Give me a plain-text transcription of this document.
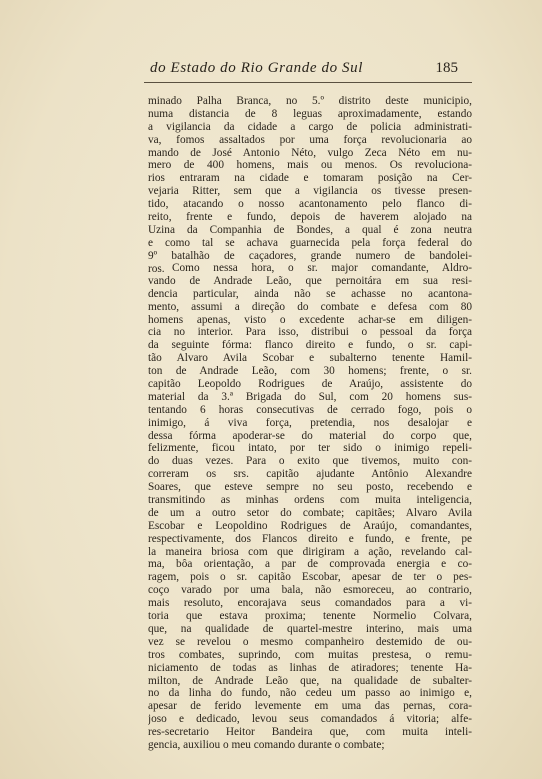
do Estado do Rio Grande do Sul	185
minado Palha Branca, no 5.º distrito deste municipio,
numa distancia de 8 leguas aproximadamente, estando
a vigilancia da cidade a cargo de policia administrati-
va, fomos assaltados por uma força revolucionaria ao
mando de José Antonio Néto, vulgo Zeca Néto em nu-
mero de 400 homens, mais ou menos. Os revoluciona-
rios entraram na cidade e tomaram posição na Cer-
vejaria Ritter, sem que a vigilancia os tivesse presen-
tido, atacando o nosso acantonamento pelo flanco di-
reito, frente e fundo, depois de haverem alojado na
Uzina da Companhia de Bondes, a qual é zona neutra
e como tal se achava guarnecida pela força federal do
9º batalhão de caçadores, grande numero de bandolei-
ros. Como nessa hora, o sr. major comandante, Aldro-
vando de Andrade Leão, que pernoitára em sua resi-
dencia particular, ainda não se achasse no acantona-
mento, assumi a direção do combate e defesa com 80
homens apenas, visto o excedente achar-se em diligen-
cia no interior. Para isso, distribui o pessoal da força
da seguinte fórma: flanco direito e fundo, o sr. capi-
tão Alvaro Avila Scobar e subalterno tenente Hamil-
ton de Andrade Leão, com 30 homens; frente, o sr.
capitão Leopoldo Rodrigues de Araújo, assistente do
material da 3.ª Brigada do Sul, com 20 homens sus-
tentando 6 horas consecutivas de cerrado fogo, pois o
inimigo, á viva força, pretendia, nos desalojar e
dessa fórma apoderar-se do material do corpo que,
felizmente, ficou intato, por ter sido o inimigo repeli-
do duas vezes. Para o exito que tivemos, muito con-
correram os srs. capitão ajudante Antônio Alexandre
Soares, que esteve sempre no seu posto, recebendo e
transmitindo as minhas ordens com muita inteligencia,
de um a outro setor do combate; capitães; Alvaro Avila
Escobar e Leopoldino Rodrigues de Araújo, comandantes,
respectivamente, dos Flancos direito e fundo, e frente, pe
la maneira briosa com que dirigiram a ação, revelando cal-
ma, bôa orientação, a par de comprovada energia e co-
ragem, pois o sr. capitão Escobar, apesar de ter o pes-
coço varado por uma bala, não esmoreceu, ao contrario,
mais resoluto, encorajava seus comandados para a vi-
toria que estava proxima; tenente Normelio Colvara,
que, na qualidade de quartel-mestre interino, mais uma
vez se revelou o mesmo companheiro destemido de ou-
tros combates, suprindo, com muitas prestesa, o remu-
niciamento de todas as linhas de atiradores; tenente Ha-
milton, de Andrade Leão que, na qualidade de subalter-
no da linha do fundo, não cedeu um passo ao inimigo e,
apesar de ferido levemente em uma das pernas, cora-
joso e dedicado, levou seus comandados á vitoria; alfe-
res-secretario Heitor Bandeira que, com muita inteli-
gencia, auxiliou o meu comando durante o combate;
